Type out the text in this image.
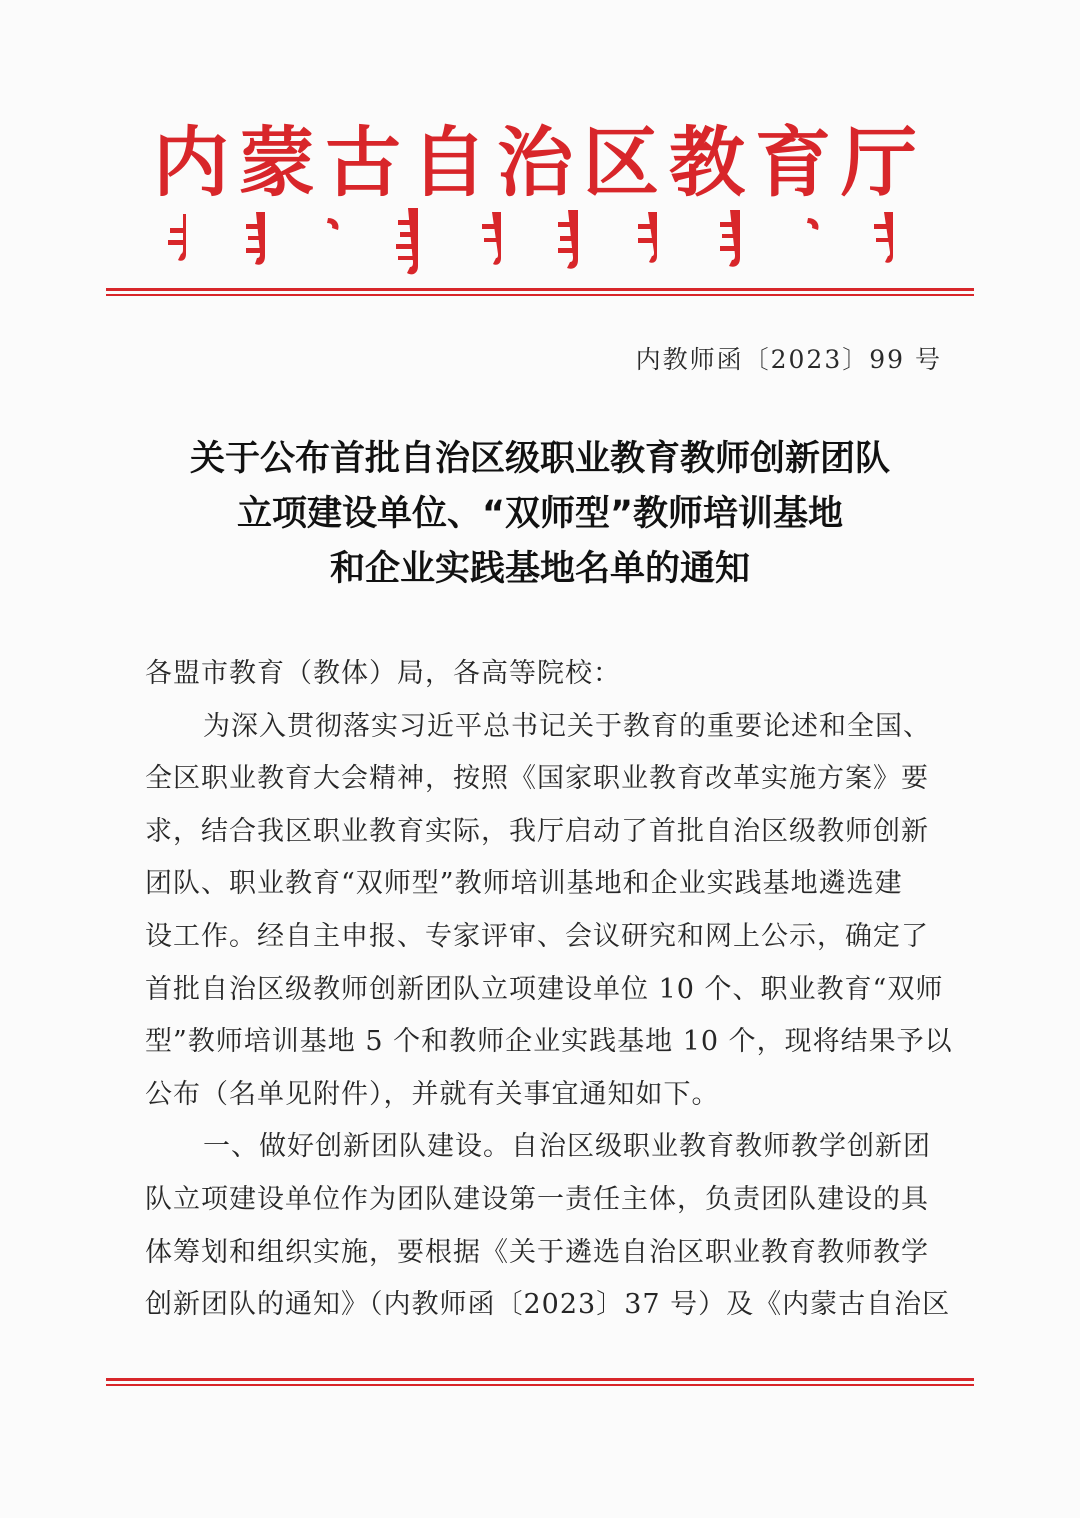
内蒙古自治区教育厅
内教师函〔2023〕99 号
关于公布首批自治区级职业教育教师创新团队
立项建设单位、“双师型”教师培训基地
和企业实践基地名单的通知
各盟市教育（教体）局，各高等院校：
为深入贯彻落实习近平总书记关于教育的重要论述和全国、
全区职业教育大会精神，按照《国家职业教育改革实施方案》要
求，结合我区职业教育实际，我厅启动了首批自治区级教师创新
团队、职业教育“双师型”教师培训基地和企业实践基地遴选建
设工作。经自主申报、专家评审、会议研究和网上公示，确定了
首批自治区级教师创新团队立项建设单位 10 个、职业教育“双师
型”教师培训基地 5 个和教师企业实践基地 10 个，现将结果予以
公布（名单见附件），并就有关事宜通知如下。
一、做好创新团队建设。自治区级职业教育教师教学创新团
队立项建设单位作为团队建设第一责任主体，负责团队建设的具
体筹划和组织实施，要根据《关于遴选自治区职业教育教师教学
创新团队的通知》（内教师函〔2023〕37 号）及《内蒙古自治区
